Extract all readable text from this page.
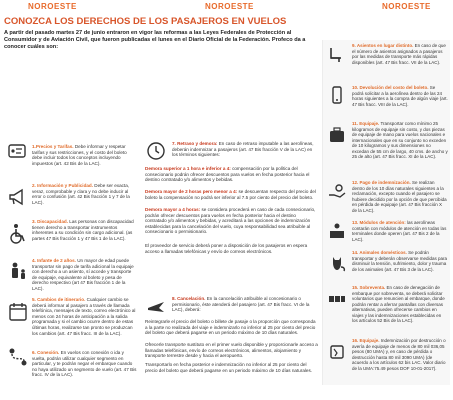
NOROESTE	NOROESTE	NOROESTE
CONOZCA LOS DERECHOS DE LOS PASAJEROS EN VUELOS
A partir del pasado martes 27 de junio entraron en vigor las reformas a las Leyes Federales de Protección al Consumidor y de Aviación Civil, que fueron publicadas el lunes en el Diario Oficial de la Federación. Profeco da a conocer cuáles son:
1.Precios y Tarifas. Debe informar y respetar tarifas y sus restricciones, y el costo del boleto debe incluir todos los conceptos incluyendo impuestos (art. 42 Bis de la LAC).
2. Información y Publicidad. Debe ser exacta, veraz, comprobable y clara y no debe inducir al error o confusión (art. 42 Bis fracción 1 y 7 de la LAC).
3. Discapacidad. Las personas con discapacidad tienen derecho a transportar instrumentos inherentes a su condición sin cargo adicional. (as partes 47 Bis fracción 1 y 47 Bis 1 de la LAC).
4. Infante de 2 años. Un mayor de edad puede transportar sin pago de tarifa adicional la equipaje con derecho a un asiento, sí accede y transporte de equipaje, equivalente al boleto y pesa de derecho respectivo (art 47 Bis fracción 1 de la LAC).
5. Cambios de itinerario. Cualquier cambio se deberá informar al pasajero a través de llamada telefónica, mensajes de texto, correo electrónico al menos con 24 horas de anticipación a la salida programada y si el cambio ocurre dentro de estas últimas horas, realizarse tan pronto se produzcan los cambios (art. 47 Bis fracc. III de la LAC).
6. Conexión. En vuelos con conexión o ida y vuelta, podrán utilizar cualquier segmento en particular, y te podrán negar el embarque cuando no haya utilizado un segmento de vuelo (art. 47 Bis fracc. IV de la LAC).
7. Retraso y demora: En caso de retraso imputable a las aerolíneas, deberán indemnizar a pasajeros (art. 47 Bis fracción V de la LAC) en los términos siguientes:
Demora superior a 1 hora e inferior a 4: compensación por la política del consecionario podrán ofrecer descuentos para vuelos en fecha posterior hacia el destino contratado y/o alimentos y bebidas.
Demora mayor de 2 horas pero menor a 4: se descuentan respecto del precio del boleto la compensación no podrá ser inferior al 7.5 por ciento del precio del boleto.
Demora mayor a 4 horas: se considera procederá en caso de cada consecionario, podrán ofrecer descuentos para vuelos en fecha posterior hacia el destino contratado y/o alimentos y bebidas, y acreditará a las opciones de indemnización establecidas para la cancelación del vuelo, cuya responsabilidad sea atribuible al consecionario o permisionario.
El proveedor de servicio deberá poner a disposición de los pasajeros en espera acceso a llamadas telefónicas y envío de correos electrónicos.
8. Cancelación. En la cancelación atribuible al concesionario o permisionario, éste atenderá del pasajero (art. 47 Bis fracc. VI de la LAC), deberá:
Reintegrarle el precio del boleto o billete de pasaje o la proporción que corresponda a la parte no realizada del viaje e indemnizarlo no inferior al 25 por ciento del precio del boleto que deberá pagarse en un periodo máximo de 10 días naturales.
Ofrecerle transporte sustituto en el primer vuelo disponible y proporcionarle acceso a llamadas telefónicas, envío de correos electrónicos, alimentos, alojamiento y transporte terrestre desde y hacia el aeropuerto.
Transportarlo en fecha posterior e indemnización no inferior al 25 por ciento del precio del boleto que deberá pagarse en un periodo máximo de 10 días naturales.
9. Asientos en lugar distinto. En caso de que el número de asientos asignados a pasajeros por las medidas de transporte más rápidas disponibles (art. 47 Bis fracc. VII de la LAC).
10. Devolución del costo del boleto. Se podrá solicitar a la aerolínea dentro de las 24 horas siguientes a la compra de algún viaje (art. 47 Bis fracc. VIII de la LAC).
11. Equipaje. Transportar como mínimo 25 kilogramos de equipaje sin costo, y dos piezas de equipaje de mano para vuelos nacionales e internacionales que en su conjunto no exceden de 10 kilogramos y sus dimensiones no excedan de 55 cm de largo, 40 cms. de ancho y 25 de alto (art. 47 Bis fracc. XI de la LAC).
12. Pago de indemnización. Se realizan dentro de los 10 días naturales siguientes a la reclamación, excepto cuando el pasajero se hubiere decidido por la opción de que percibida en pérdida de equipaje (art. 47 Bis fracción X de la LAC).
13. Módulos de atención: las aerolíneas contarán con módulos de atención en todas las terminales donde operen (art. 47 Bis 2 de la LAC).
14. Animales domésticos. Se podrán transportar y deberán observarse medidas para disminuir la tensión, sufrimiento, dolor y trauma de los animales (art. 47 Bis 3 de la LAC).
15. Sobreventa. En caso de denegación de embarque por sobreventa, se deberá solicitar voluntarios que renuncien al embarque, donde podrán rentar a aferrar pantallas con diversas alternativas, pueden ofrecerse cambios en viajes y las indemnizaciones establecidas en los artículos 52 Bis de la LAC).
16. Equipaje. Indemnización por destrucción o avería de equipaje de menos de 80 mil 036,05 pesos (80 UMA) y, en caso de pérdida o destrucción hasta 80 mil 3090 UMA) (de acuerdo a los artículos 62 bis LAC. Valor diario de la UMA:75.49 pesos DOF 10-01-2017).
